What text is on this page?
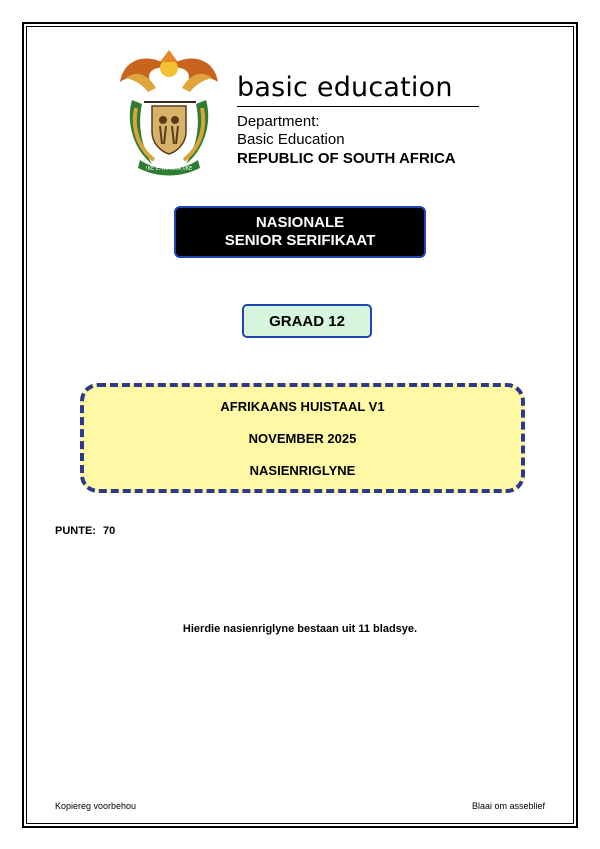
!KE E: /XARRA //KE
basic education
Department:
Basic Education
REPUBLIC OF SOUTH AFRICA
NASIONALE
SENIOR SERIFIKAAT
GRAAD 12
AFRIKAANS HUISTAAL V1
NOVEMBER 2025
NASIENRIGLYNE
PUNTE: 70
Hierdie nasienriglyne bestaan uit 11 bladsye.
Kopiereg voorbehou	Blaai om asseblief
